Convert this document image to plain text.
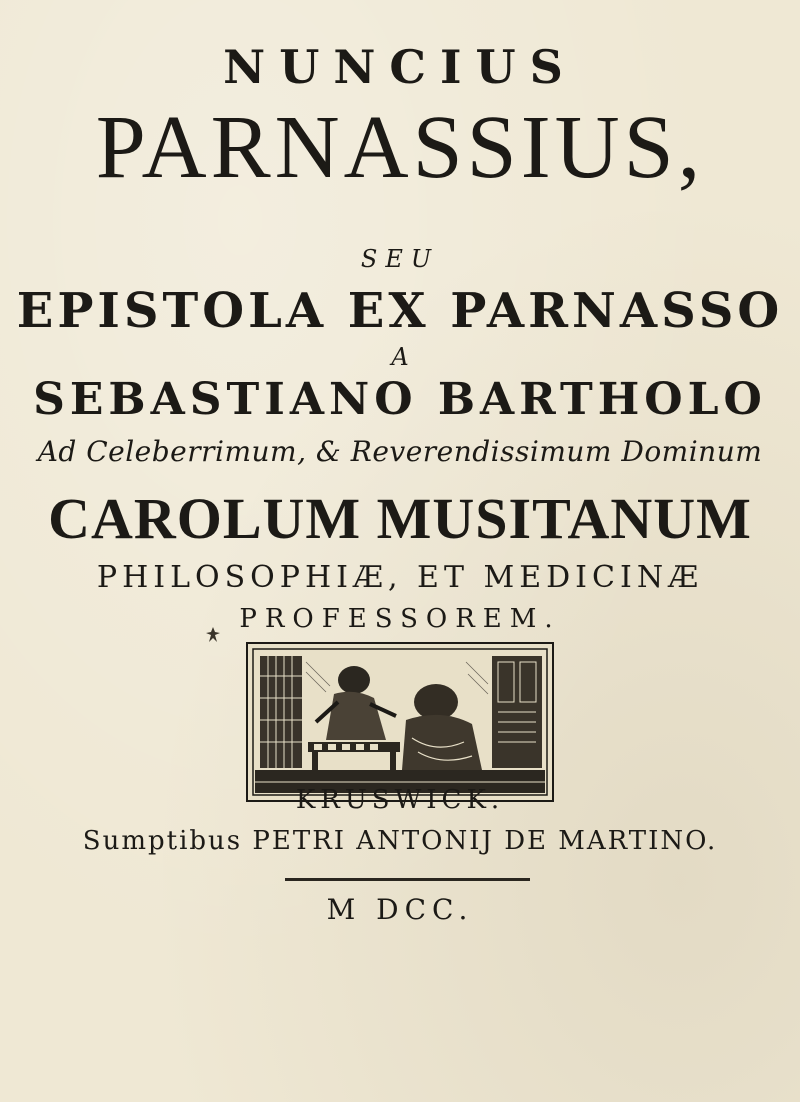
NUNCIUS
PARNASSIUS,
SEU
EPISTOLA EX PARNASSO
A
SEBASTIANO BARTHOLO
Ad Celeberrimum, & Reverendissimum Dominum
CAROLUM MUSITANUM
PHILOSOPHIÆ, ET MEDICINÆ
PROFESSOREM.
KRUSWICK.
Sumptibus PETRI ANTONIJ DE MARTINO.
M DCC.
